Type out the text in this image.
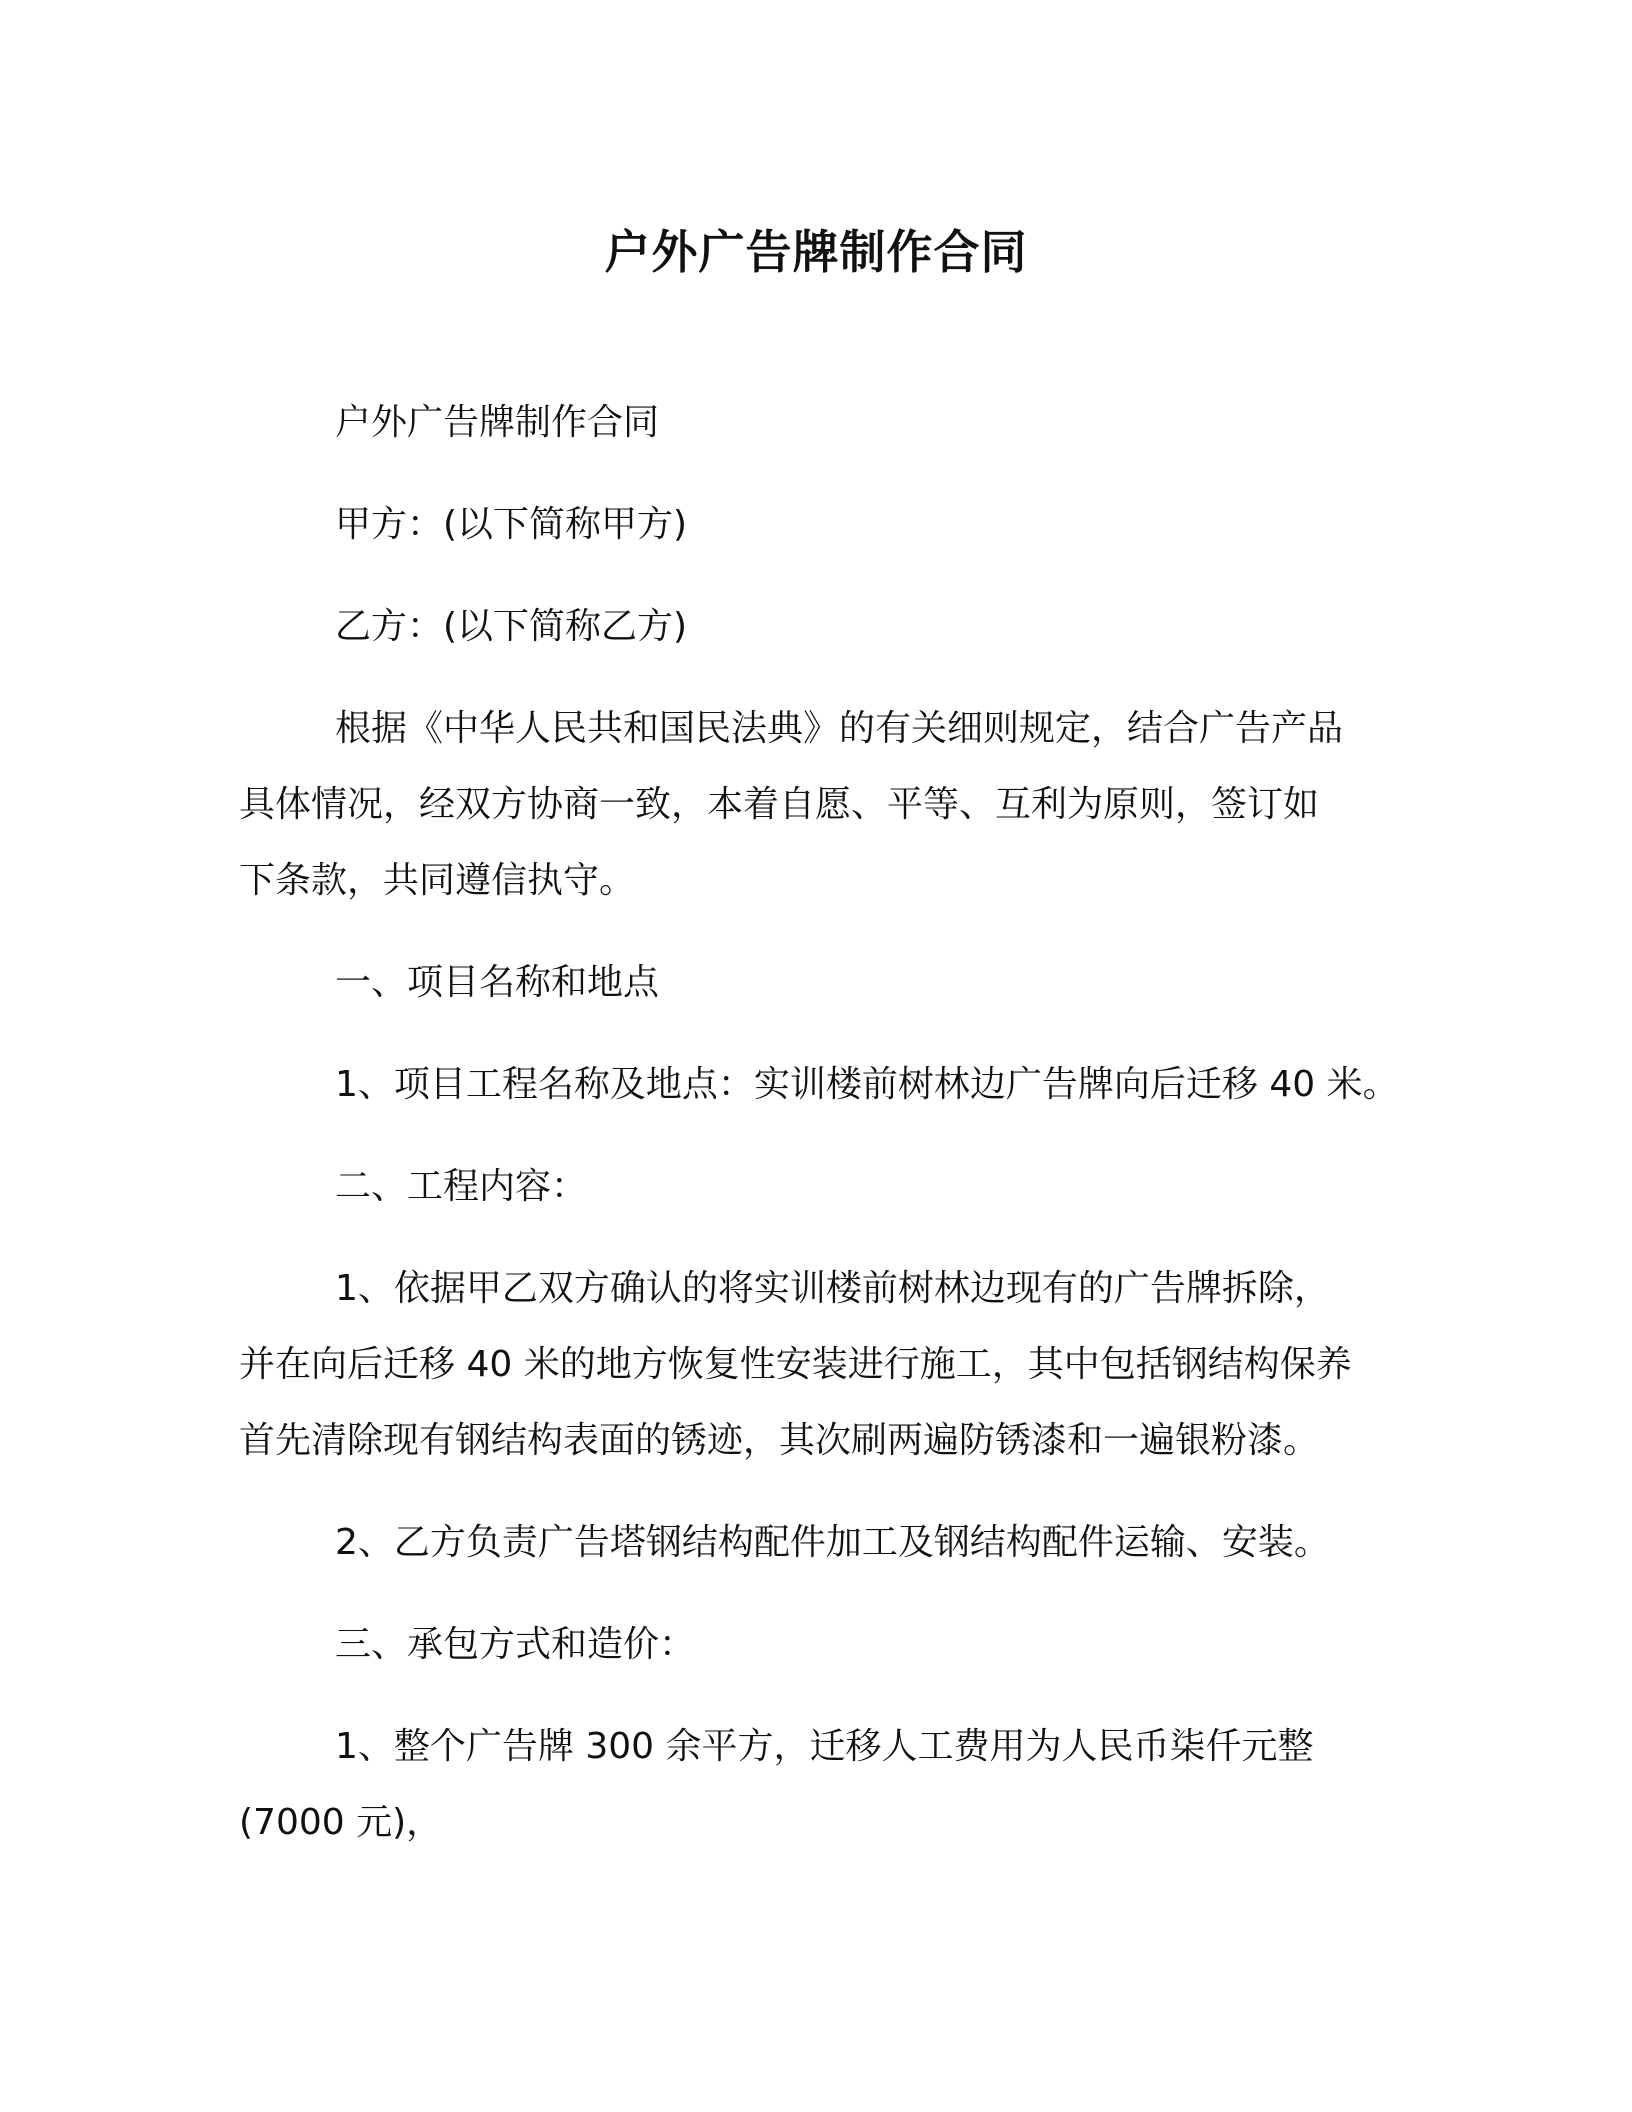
户外广告牌制作合同
户外广告牌制作合同
甲方：(以下简称甲方)
乙方：(以下简称乙方)
根据《中华人民共和国民法典》的有关细则规定，结合广告产品
具体情况，经双方协商一致，本着自愿、平等、互利为原则，签订如
下条款，共同遵信执守。
一、项目名称和地点
1、项目工程名称及地点：实训楼前树林边广告牌向后迁移 40 米。
二、工程内容：
1、依据甲乙双方确认的将实训楼前树林边现有的广告牌拆除，
并在向后迁移 40 米的地方恢复性安装进行施工，其中包括钢结构保养
首先清除现有钢结构表面的锈迹，其次刷两遍防锈漆和一遍银粉漆。
2、乙方负责广告塔钢结构配件加工及钢结构配件运输、安装。
三、承包方式和造价：
1、整个广告牌 300 余平方，迁移人工费用为人民币柒仟元整
(7000 元)，
